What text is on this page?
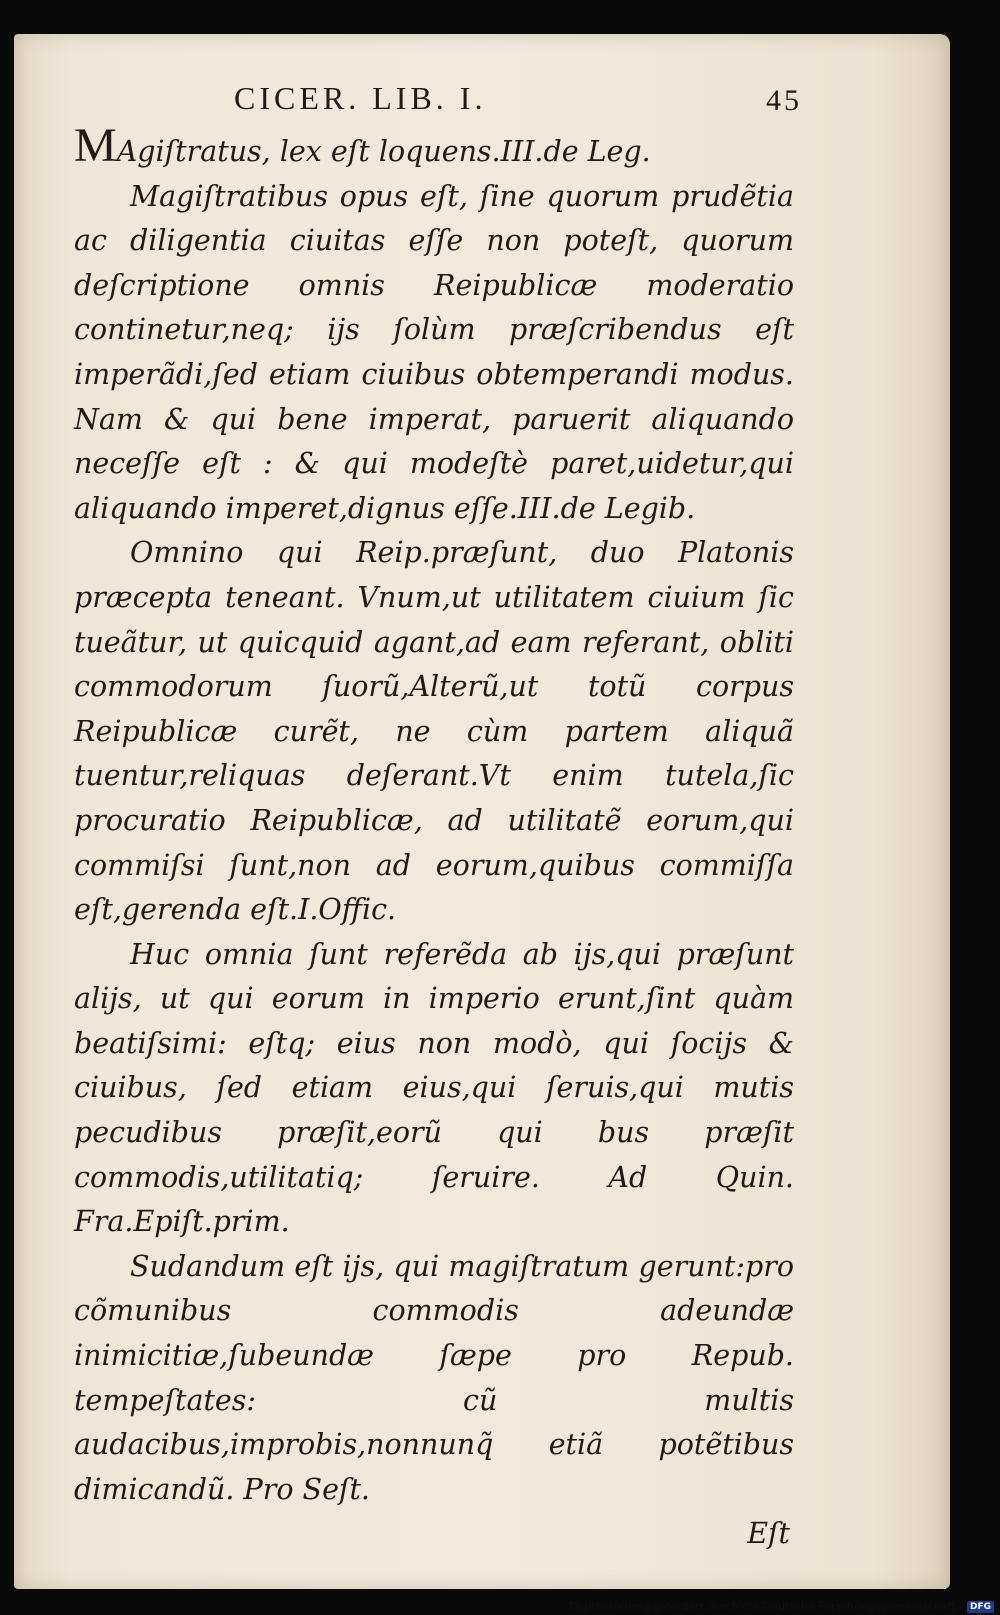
CICER. LIB. I.	45

MAgiſtratus, lex eſt loquens.III.de Leg.

Magiſtratibus opus eſt, ſine quorum prudẽtia ac diligentia ciuitas eſſe non poteſt, quorum deſcriptione omnis Reipublicæ moderatio continetur,neq; ijs ſolùm præſcribendus eſt imperãdi,ſed etiam ciuibus obtemperandi modus. Nam & qui bene imperat, paruerit aliquando neceſſe eſt : & qui modeſtè paret,uidetur,qui aliquando imperet,dignus eſſe.III.de Legib.

Omnino qui Reip.præſunt, duo Platonis præcepta teneant. Vnum,ut utilitatem ciuium ſic tueãtur, ut quicquid agant,ad eam referant, obliti commodorum ſuorũ,Alterũ,ut totũ corpus Reipublicæ curẽt, ne cùm partem aliquã tuentur,reliquas deſerant.Vt enim tutela,ſic procuratio Reipublicæ, ad utilitatẽ eorum,qui commiſsi ſunt,non ad eorum,quibus commiſſa eſt,gerenda eſt.I.Offic.

Huc omnia ſunt referẽda ab ijs,qui præſunt alijs, ut qui eorum in imperio erunt,ſint quàm beatiſsimi: eſtq; eius non modò, qui ſocijs & ciuibus, ſed etiam eius,qui ſeruis,qui mutis pecudibus præſit,eorũ qui bus præſit commodis,utilitatiq; ſeruire. Ad Quin. Fra.Epiſt.prim.

Sudandum eſt ijs, qui magiſtratum gerunt:pro cõmunibus commodis adeundæ inimicitiæ,ſubeundæ ſæpe pro Repub. tempeſtates: cũ multis audacibus,improbis,nonnunq̃ etiã potẽtibus dimicandũ. Pro Seſt.

Eſt
Digitalisierung gefördert durch die Deutsche Forschungsgemeinschaft - DFG
